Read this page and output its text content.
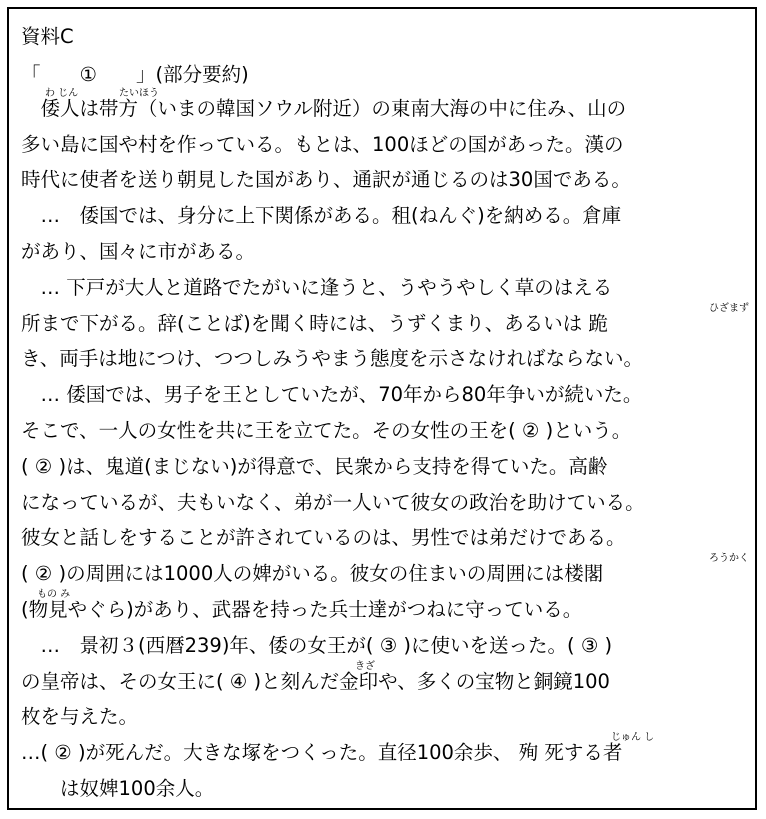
資料C
「　　①　　」(部分要約)
わ じん	たいほう
　倭人は帯方（いまの韓国ソウル附近）の東南大海の中に住み、山の
多い島に国や村を作っている。もとは、100ほどの国があった。漢の
時代に使者を送り朝見した国があり、通訳が通じるのは30国である。
　…　倭国では、身分に上下関係がある。租(ねんぐ)を納める。倉庫
があり、国々に市がある。
　… 下戸が大人と道路でたがいに逢うと、うやうやしく草のはえる
ひざまず
所まで下がる。辞(ことば)を聞く時には、うずくまり、あるいは 跪
き、両手は地につけ、つつしみうやまう態度を示さなければならない。
　… 倭国では、男子を王としていたが、70年から80年争いが続いた。
そこで、一人の女性を共に王を立てた。その女性の王を( ② )という。
( ② )は、鬼道(まじない)が得意で、民衆から支持を得ていた。高齢
になっているが、夫もいなく、弟が一人いて彼女の政治を助けている。
彼女と話しをすることが許されているのは、男性では弟だけである。
ろうかく
( ② )の周囲には1000人の婢がいる。彼女の住まいの周囲には楼閣
もの み
(物見やぐら)があり、武器を持った兵士達がつねに守っている。
　…　景初３(西暦239)年、倭の女王が( ③ )に使いを送った。( ③ )
きざ
の皇帝は、その女王に( ④ )と刻んだ金印や、多くの宝物と銅鏡100
枚を与えた。
じゅん し
…( ② )が死んだ。大きな塚をつくった。直径100余歩、 殉 死する者
　　は奴婢100余人。
